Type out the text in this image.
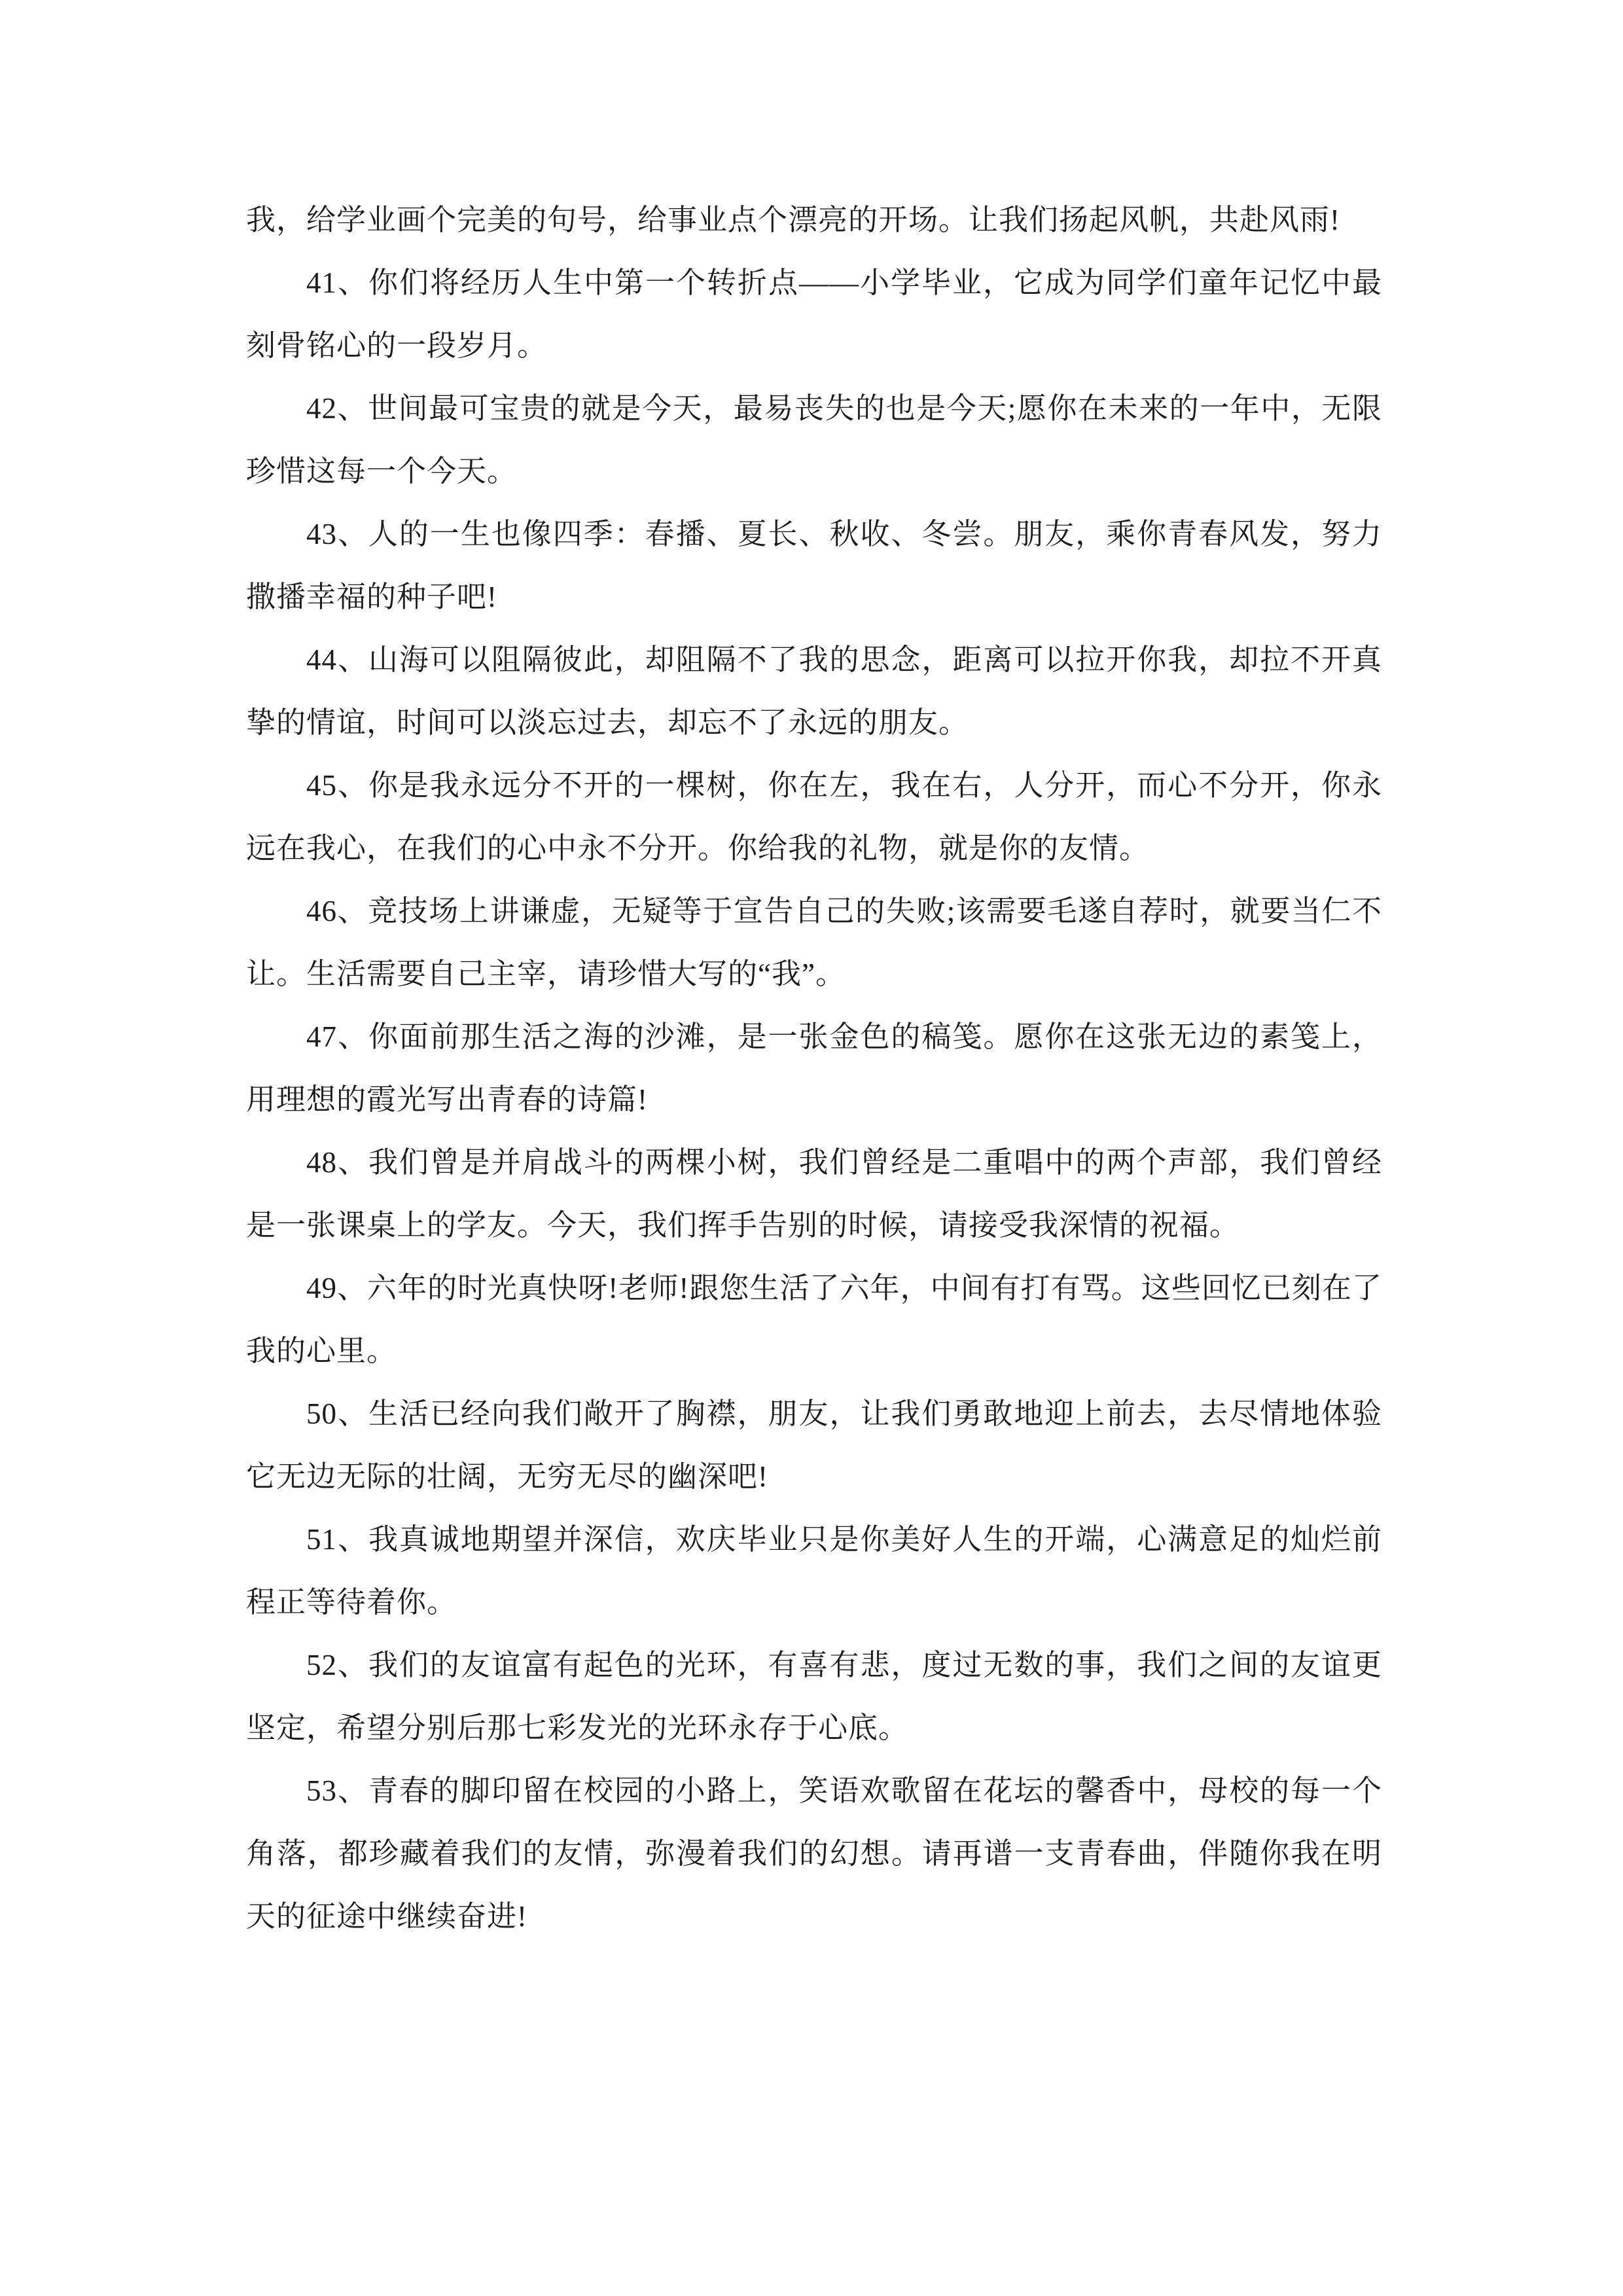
我，给学业画个完美的句号，给事业点个漂亮的开场。让我们扬起风帆，共赴风雨!

41、你们将经历人生中第一个转折点——小学毕业，它成为同学们童年记忆中最刻骨铭心的一段岁月。

42、世间最可宝贵的就是今天，最易丧失的也是今天;愿你在未来的一年中，无限珍惜这每一个今天。

43、人的一生也像四季：春播、夏长、秋收、冬尝。朋友，乘你青春风发，努力撒播幸福的种子吧!

44、山海可以阻隔彼此，却阻隔不了我的思念，距离可以拉开你我，却拉不开真挚的情谊，时间可以淡忘过去，却忘不了永远的朋友。

45、你是我永远分不开的一棵树，你在左，我在右，人分开，而心不分开，你永远在我心，在我们的心中永不分开。你给我的礼物，就是你的友情。

46、竞技场上讲谦虚，无疑等于宣告自己的失败;该需要毛遂自荐时，就要当仁不让。生活需要自己主宰，请珍惜大写的“我”。

47、你面前那生活之海的沙滩，是一张金色的稿笺。愿你在这张无边的素笺上，用理想的霞光写出青春的诗篇!

48、我们曾是并肩战斗的两棵小树，我们曾经是二重唱中的两个声部，我们曾经是一张课桌上的学友。今天，我们挥手告别的时候，请接受我深情的祝福。

49、六年的时光真快呀!老师!跟您生活了六年，中间有打有骂。这些回忆已刻在了我的心里。

50、生活已经向我们敞开了胸襟，朋友，让我们勇敢地迎上前去，去尽情地体验它无边无际的壮阔，无穷无尽的幽深吧!

51、我真诚地期望并深信，欢庆毕业只是你美好人生的开端，心满意足的灿烂前程正等待着你。

52、我们的友谊富有起色的光环，有喜有悲，度过无数的事，我们之间的友谊更坚定，希望分别后那七彩发光的光环永存于心底。

53、青春的脚印留在校园的小路上，笑语欢歌留在花坛的馨香中，母校的每一个角落，都珍藏着我们的友情，弥漫着我们的幻想。请再谱一支青春曲，伴随你我在明天的征途中继续奋进!
